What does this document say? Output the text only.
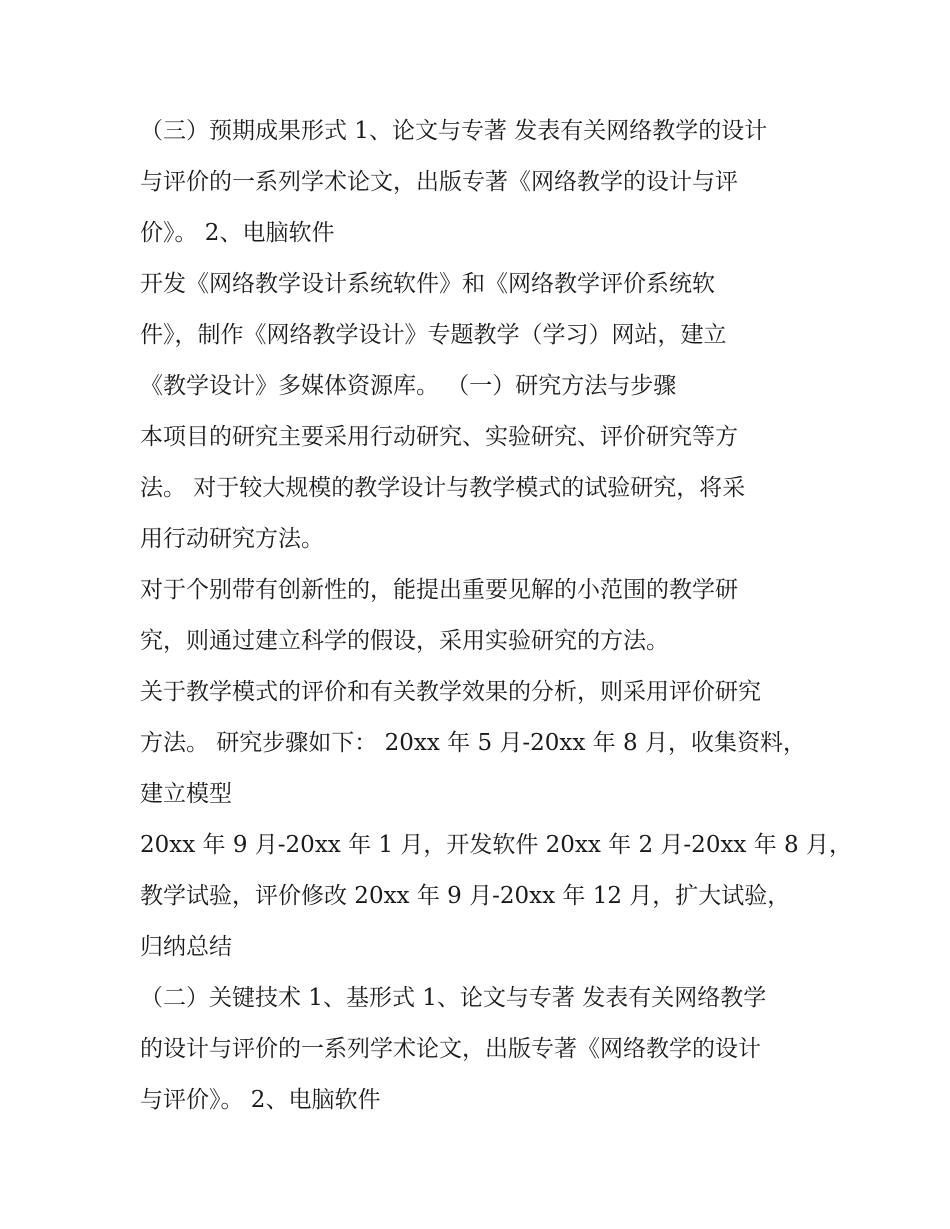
（三）预期成果形式 1、论文与专著 发表有关网络教学的设计
与评价的一系列学术论文，出版专著《网络教学的设计与评
价》。 2、电脑软件
开发《网络教学设计系统软件》和《网络教学评价系统软
件》，制作《网络教学设计》专题教学（学习）网站，建立
《教学设计》多媒体资源库。 （一）研究方法与步骤
本项目的研究主要采用行动研究、实验研究、评价研究等方
法。 对于较大规模的教学设计与教学模式的试验研究，将采
用行动研究方法。
对于个别带有创新性的，能提出重要见解的小范围的教学研
究，则通过建立科学的假设，采用实验研究的方法。
关于教学模式的评价和有关教学效果的分析，则采用评价研究
方法。 研究步骤如下： 20xx 年 5 月-20xx 年 8 月，收集资料，
建立模型
20xx 年 9 月-20xx 年 1 月，开发软件 20xx 年 2 月-20xx 年 8 月，
教学试验，评价修改 20xx 年 9 月-20xx 年 12 月，扩大试验，
归纳总结
（二）关键技术 1、基形式 1、论文与专著 发表有关网络教学
的设计与评价的一系列学术论文，出版专著《网络教学的设计
与评价》。 2、电脑软件
